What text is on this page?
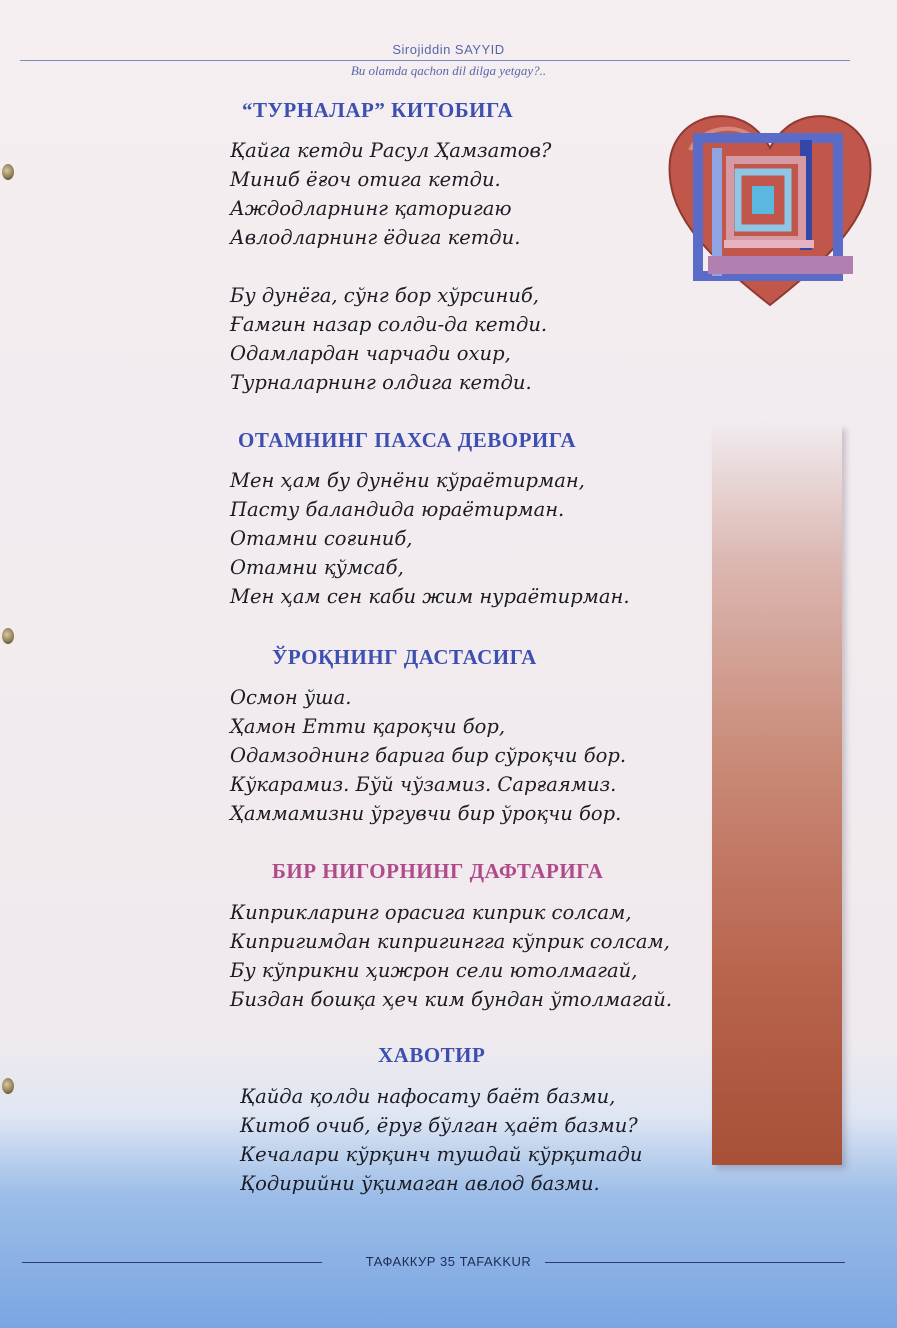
Sirojiddin SAYYID
Bu olamda qachon dil dilga yetgay?..
“ТУРНАЛАР” КИТОБИГА
Қайга кетди Расул Ҳамзатов?
Миниб ёғоч отига кетди.
Аждодларнинг қаторигаю
Авлодларнинг ёдига кетди.
Бу дунёга, сўнг бор хўрсиниб,
Ғамгин назар солди-да кетди.
Одамлардан чарчади охир,
Турналарнинг олдига кетди.
ОТАМНИНГ ПАХСА ДЕВОРИГА
Мен ҳам бу дунёни кўраётирман,
Пасту баландида юраётирман.
Отамни соғиниб,
Отамни қўмсаб,
Мен ҳам сен каби жим нураётирман.
ЎРОҚНИНГ ДАСТАСИГА
Осмон ўша.
Ҳамон Етти қароқчи бор,
Одамзоднинг барига бир сўроқчи бор.
Кўкарамиз. Бўй чўзамиз. Сарғаямиз.
Ҳаммамизни ўргувчи бир ўроқчи бор.
БИР НИГОРНИНГ ДАФТАРИГА
Киприкларинг орасига киприк солсам,
Кипригимдан кипригингга кўприк солсам,
Бу кўприкни ҳижрон сели ютолмагай,
Биздан бошқа ҳеч ким бундан ўтолмагай.
ХАВОТИР
Қайда қолди нафосату баёт базми,
Китоб очиб, ёруғ бўлган ҳаёт базми?
Кечалари кўрқинч тушдай кўрқитади
Қодирийни ўқимаган авлод базми.
ТАФАККУР 35 TAFAKKUR
